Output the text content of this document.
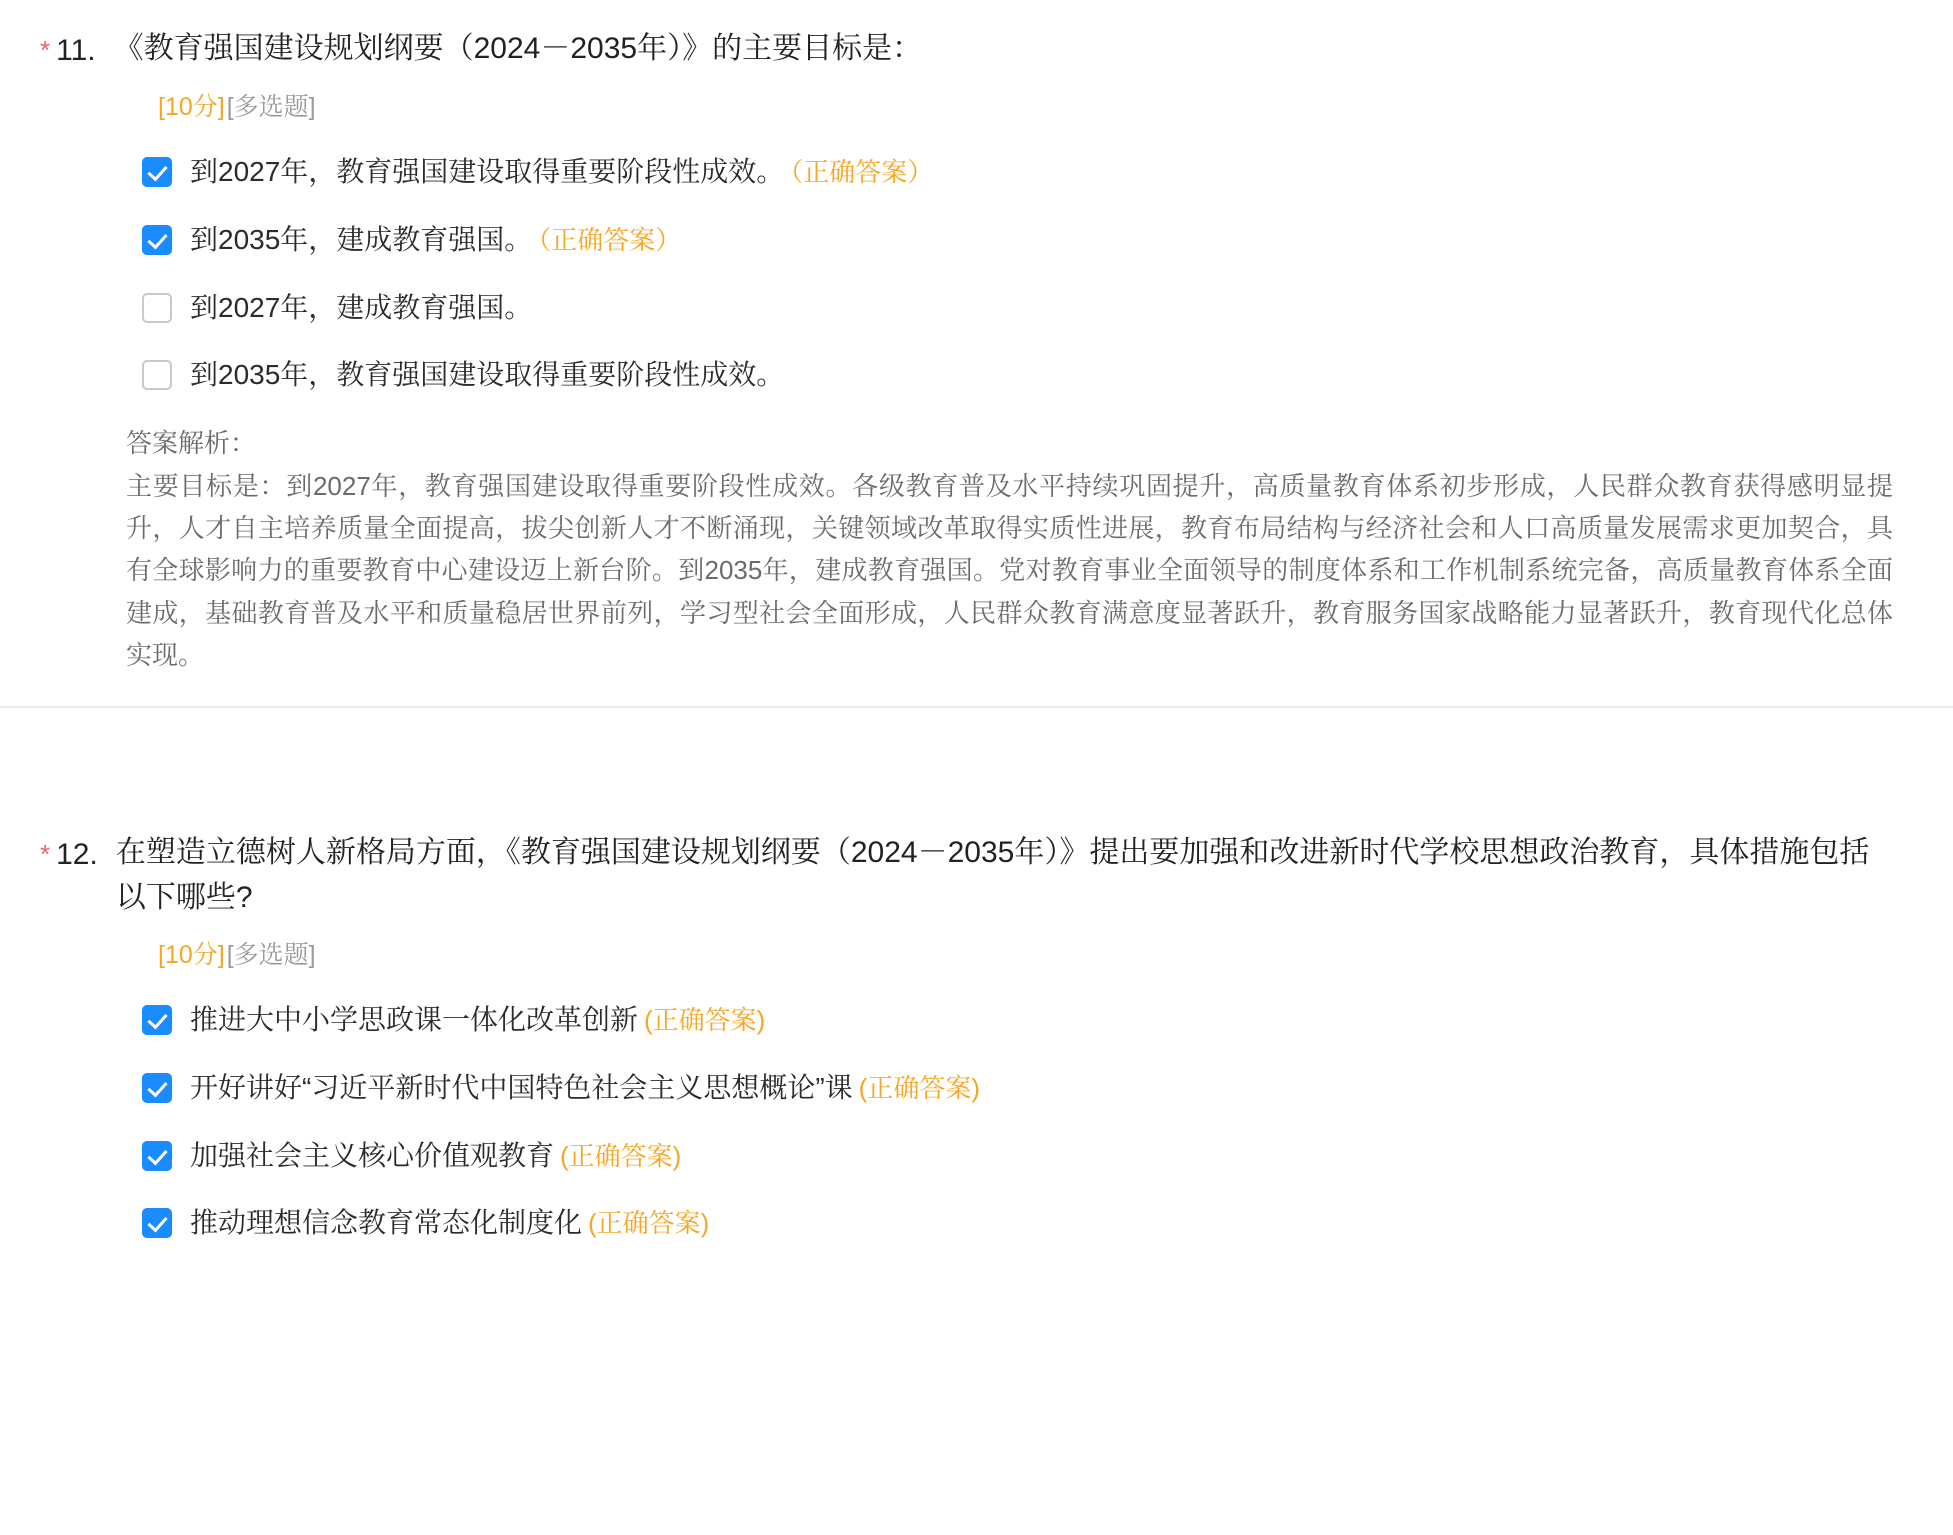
* 11. 《教育强国建设规划纲要（2024－2035年）》的主要目标是：
[10分][多选题]
到2027年，教育强国建设取得重要阶段性成效。 （正确答案）
到2035年，建成教育强国。 （正确答案）
到2027年，建成教育强国。
到2035年，教育强国建设取得重要阶段性成效。
答案解析：
主要目标是：到2027年，教育强国建设取得重要阶段性成效。各级教育普及水平持续巩固提升，高质量教育体系初步形成，人民群众教育获得感明显提升，人才自主培养质量全面提高，拔尖创新人才不断涌现，关键领域改革取得实质性进展，教育布局结构与经济社会和人口高质量发展需求更加契合，具有全球影响力的重要教育中心建设迈上新台阶。到2035年，建成教育强国。党对教育事业全面领导的制度体系和工作机制系统完备，高质量教育体系全面建成，基础教育普及水平和质量稳居世界前列，学习型社会全面形成，人民群众教育满意度显著跃升，教育服务国家战略能力显著跃升，教育现代化总体实现。
* 12. 在塑造立德树人新格局方面，《教育强国建设规划纲要（2024－2035年）》提出要加强和改进新时代学校思想政治教育，具体措施包括以下哪些?
[10分][多选题]
推进大中小学思政课一体化改革创新 (正确答案)
开好讲好“习近平新时代中国特色社会主义思想概论”课 (正确答案)
加强社会主义核心价值观教育 (正确答案)
推动理想信念教育常态化制度化 (正确答案)
